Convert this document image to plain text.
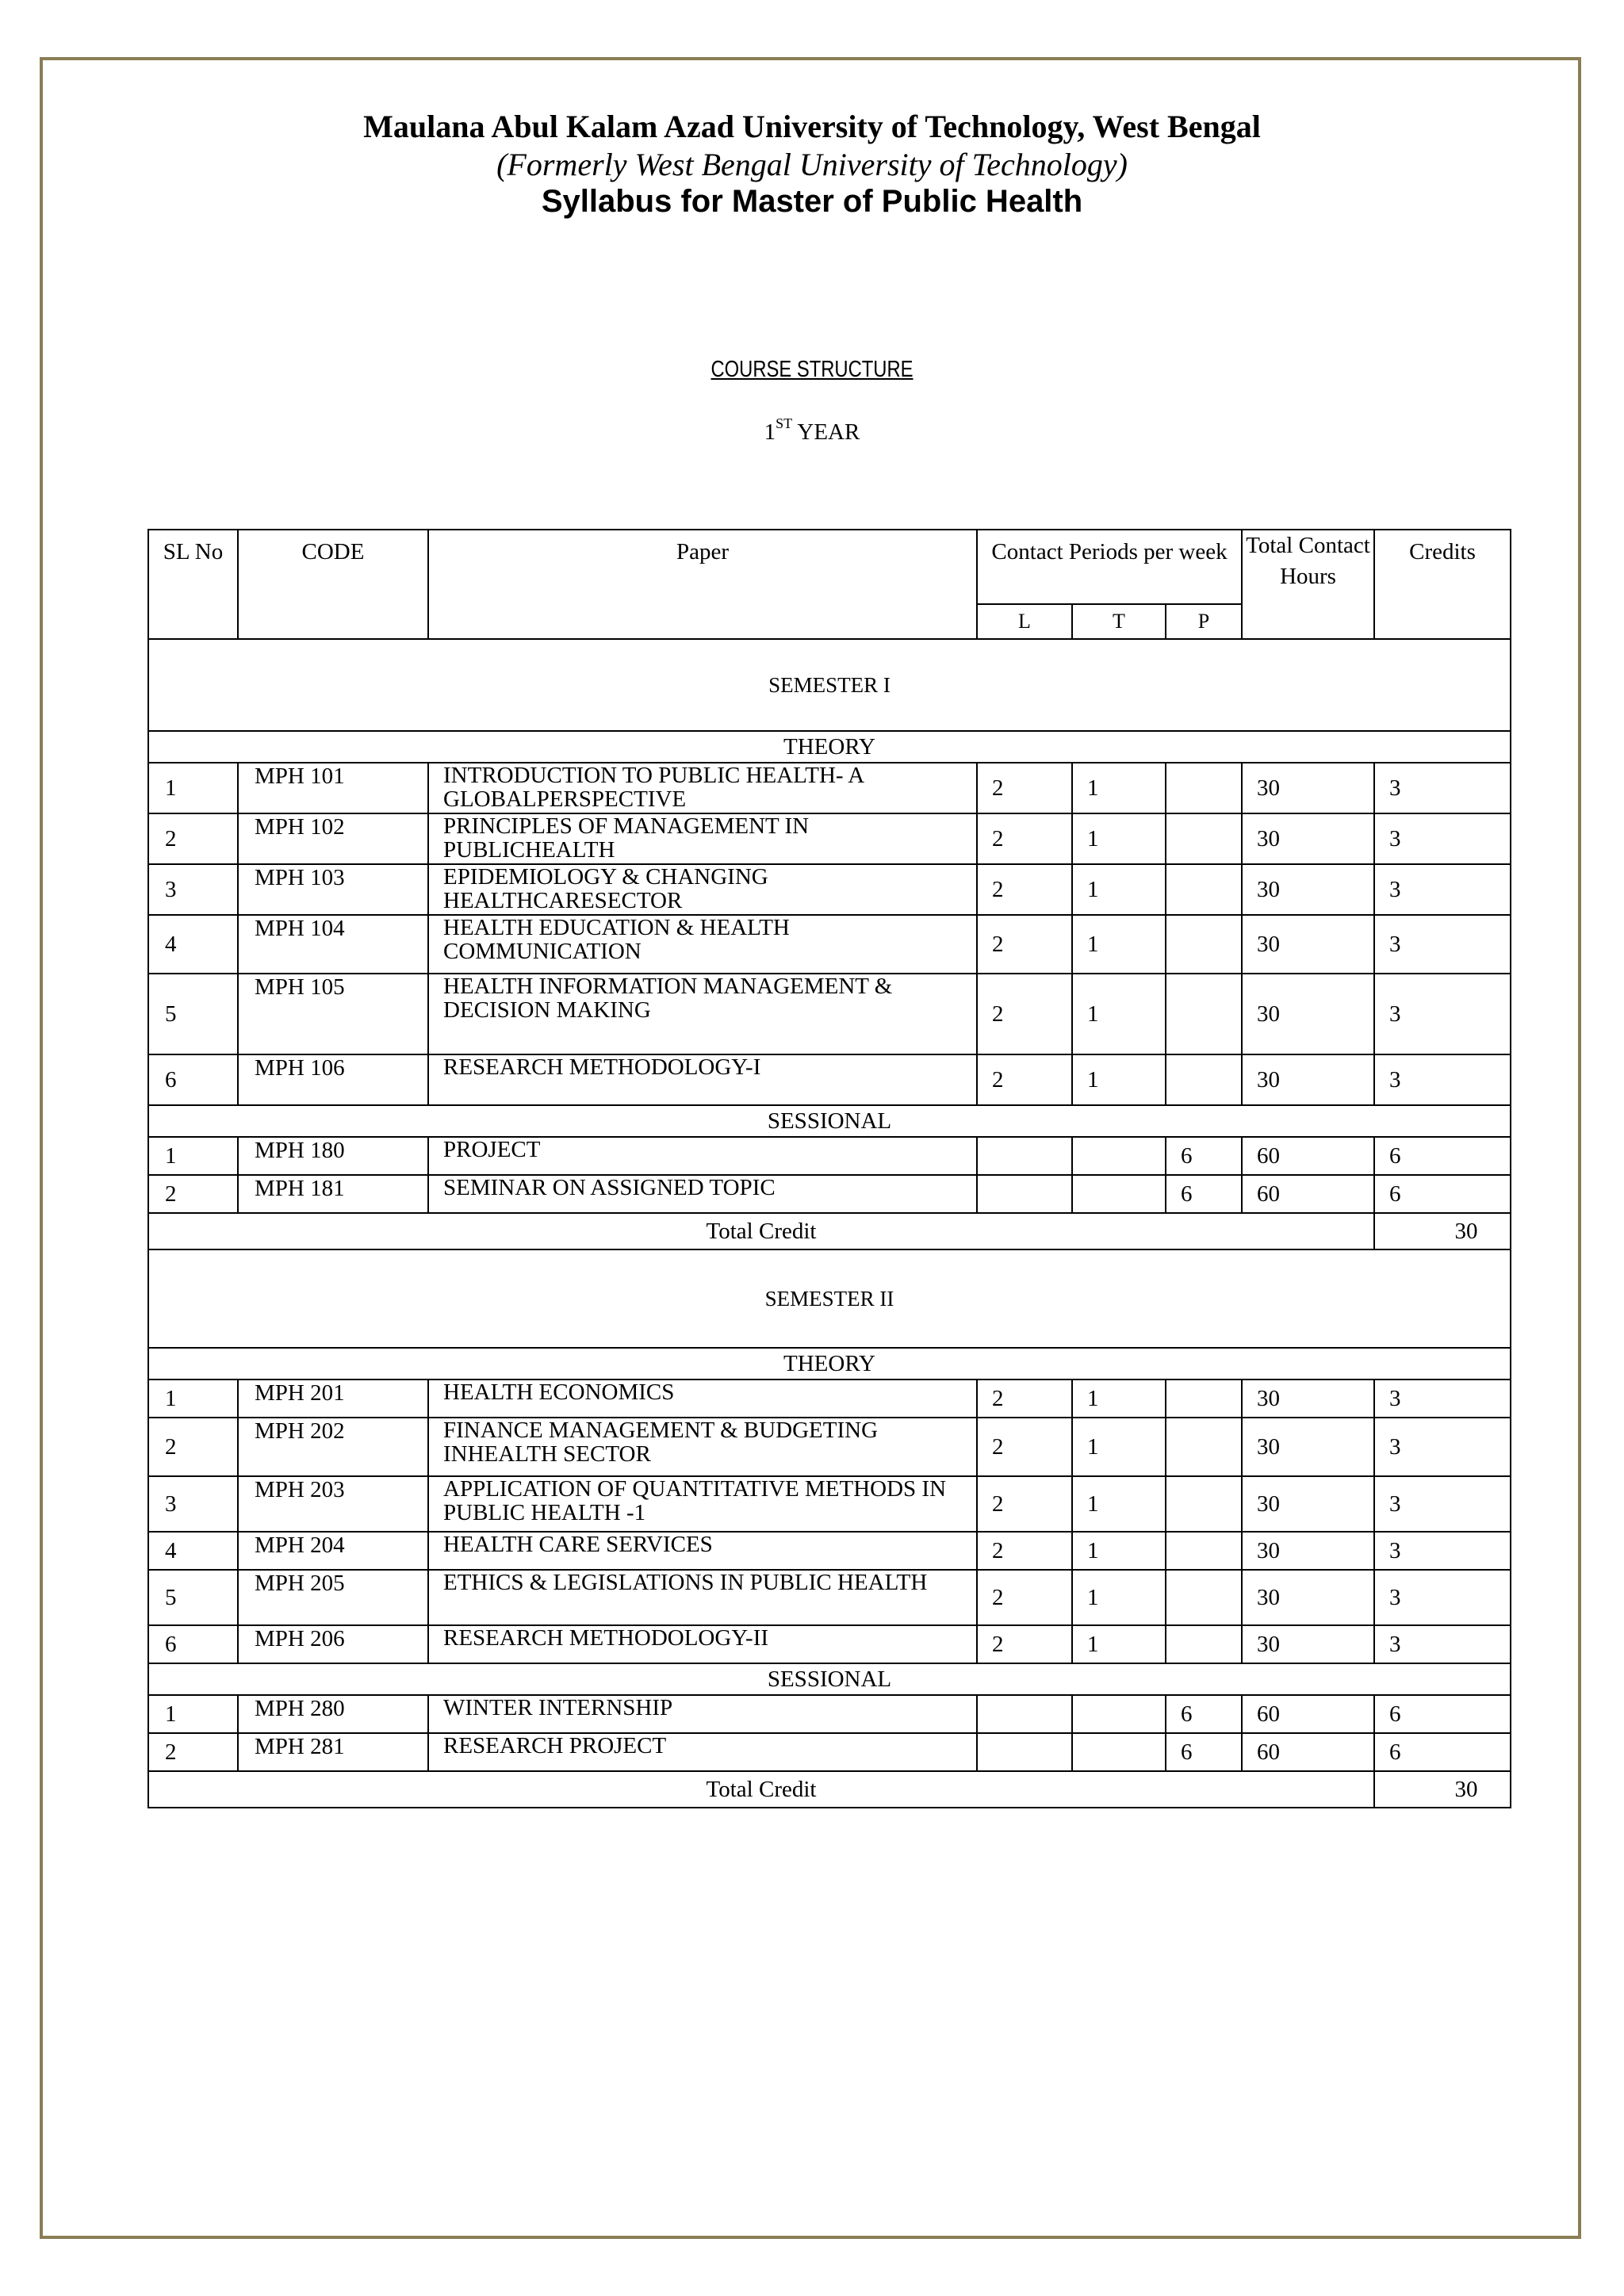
Maulana Abul Kalam Azad University of Technology, West Bengal
(Formerly West Bengal University of Technology)
Syllabus for Master of Public Health
COURSE STRUCTURE
1ST YEAR
SL No	CODE	Paper	Contact Periods per week			Total Contact Hours	Credits
			L	T	P		
SEMESTER I							
THEORY							
1	MPH 101	INTRODUCTION TO PUBLIC HEALTH- A GLOBALPERSPECTIVE	2	1		30	3
2	MPH 102	PRINCIPLES OF MANAGEMENT IN PUBLICHEALTH	2	1		30	3
3	MPH 103	EPIDEMIOLOGY & CHANGING HEALTHCARESECTOR	2	1		30	3
4	MPH 104	HEALTH EDUCATION & HEALTH COMMUNICATION	2	1		30	3
5	MPH 105	HEALTH INFORMATION MANAGEMENT & DECISION MAKING	2	1		30	3
6	MPH 106	RESEARCH METHODOLOGY-I	2	1		30	3
SESSIONAL							
1	MPH 180	PROJECT			6	60	6
2	MPH 181	SEMINAR ON ASSIGNED TOPIC			6	60	6
Total Credit							30
SEMESTER II							
THEORY							
1	MPH 201	HEALTH ECONOMICS	2	1		30	3
2	MPH 202	FINANCE MANAGEMENT & BUDGETING INHEALTH SECTOR	2	1		30	3
3	MPH 203	APPLICATION OF QUANTITATIVE METHODS IN PUBLIC HEALTH -1	2	1		30	3
4	MPH 204	HEALTH CARE SERVICES	2	1		30	3
5	MPH 205	ETHICS & LEGISLATIONS IN PUBLIC HEALTH	2	1		30	3
6	MPH 206	RESEARCH METHODOLOGY-II	2	1		30	3
SESSIONAL							
1	MPH 280	WINTER INTERNSHIP			6	60	6
2	MPH 281	RESEARCH PROJECT			6	60	6
Total Credit							30
